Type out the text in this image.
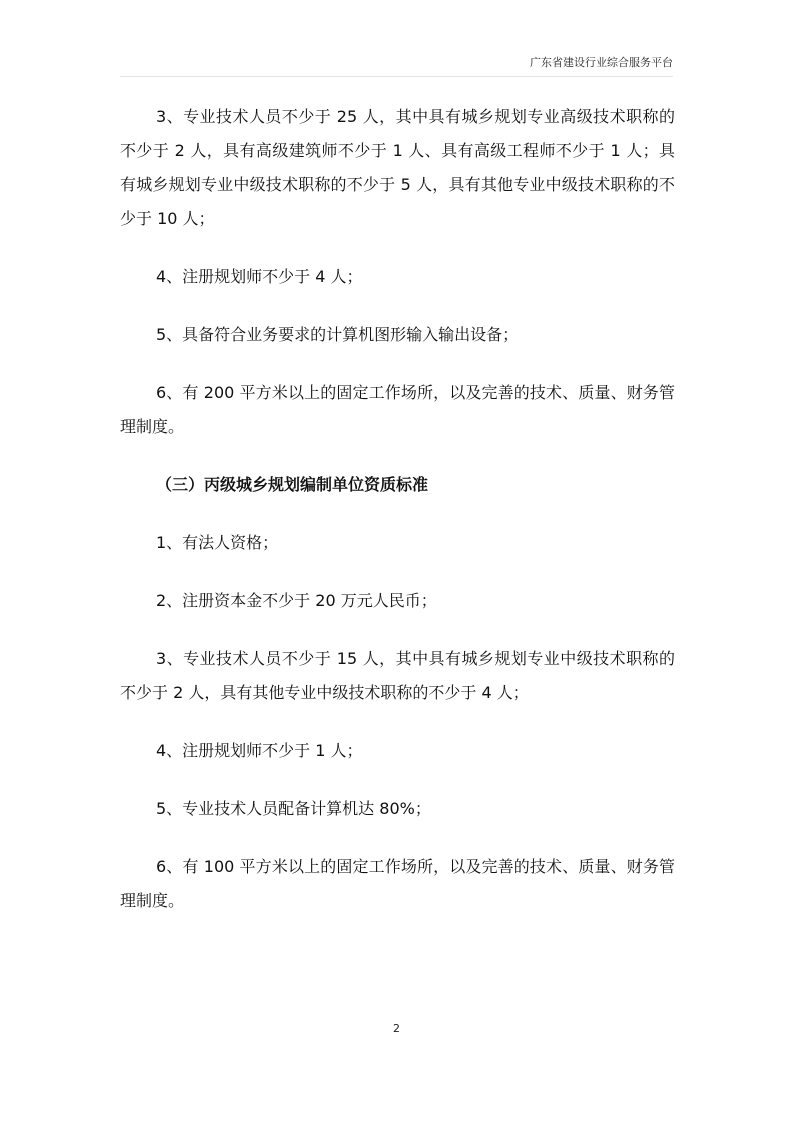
广东省建设行业综合服务平台

3、专业技术人员不少于 25 人，其中具有城乡规划专业高级技术职称的不少于 2 人，具有高级建筑师不少于 1 人、具有高级工程师不少于 1 人；具有城乡规划专业中级技术职称的不少于 5 人，具有其他专业中级技术职称的不少于 10 人；

4、注册规划师不少于 4 人；

5、具备符合业务要求的计算机图形输入输出设备；

6、有 200 平方米以上的固定工作场所，以及完善的技术、质量、财务管理制度。

（三）丙级城乡规划编制单位资质标准

1、有法人资格；

2、注册资本金不少于 20 万元人民币；

3、专业技术人员不少于 15 人，其中具有城乡规划专业中级技术职称的不少于 2 人，具有其他专业中级技术职称的不少于 4 人；

4、注册规划师不少于 1 人；

5、专业技术人员配备计算机达 80%；

6、有 100 平方米以上的固定工作场所，以及完善的技术、质量、财务管理制度。

2
